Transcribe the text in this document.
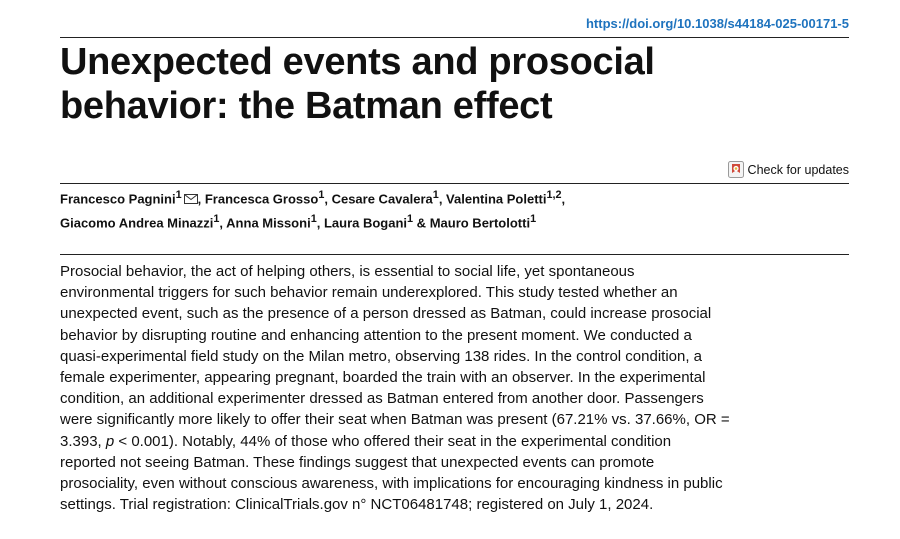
https://doi.org/10.1038/s44184-025-00171-5
Unexpected events and prosocial behavior: the Batman effect
Check for updates
Francesco Pagnini$^1$ , Francesca Grosso$^1$, Cesare Cavalera$^1$, Valentina Poletti$^{1,2}$,
Giacomo Andrea Minazzi$^1$, Anna Missoni$^1$, Laura Bogani$^1$ & Mauro Bertolotti$^1$

Prosocial behavior, the act of helping others, is essential to social life, yet spontaneous environmental triggers for such behavior remain underexplored. This study tested whether an unexpected event, such as the presence of a person dressed as Batman, could increase prosocial behavior by disrupting routine and enhancing attention to the present moment. We conducted a quasi-experimental field study on the Milan metro, observing 138 rides. In the control condition, a female experimenter, appearing pregnant, boarded the train with an observer. In the experimental condition, an additional experimenter dressed as Batman entered from another door. Passengers were significantly more likely to offer their seat when Batman was present (67.21% vs. 37.66%, OR = 3.393, p < 0.001). Notably, 44% of those who offered their seat in the experimental condition reported not seeing Batman. These findings suggest that unexpected events can promote prosociality, even without conscious awareness, with implications for encouraging kindness in public settings. Trial registration: ClinicalTrials.gov n° NCT06481748; registered on July 1, 2024.
